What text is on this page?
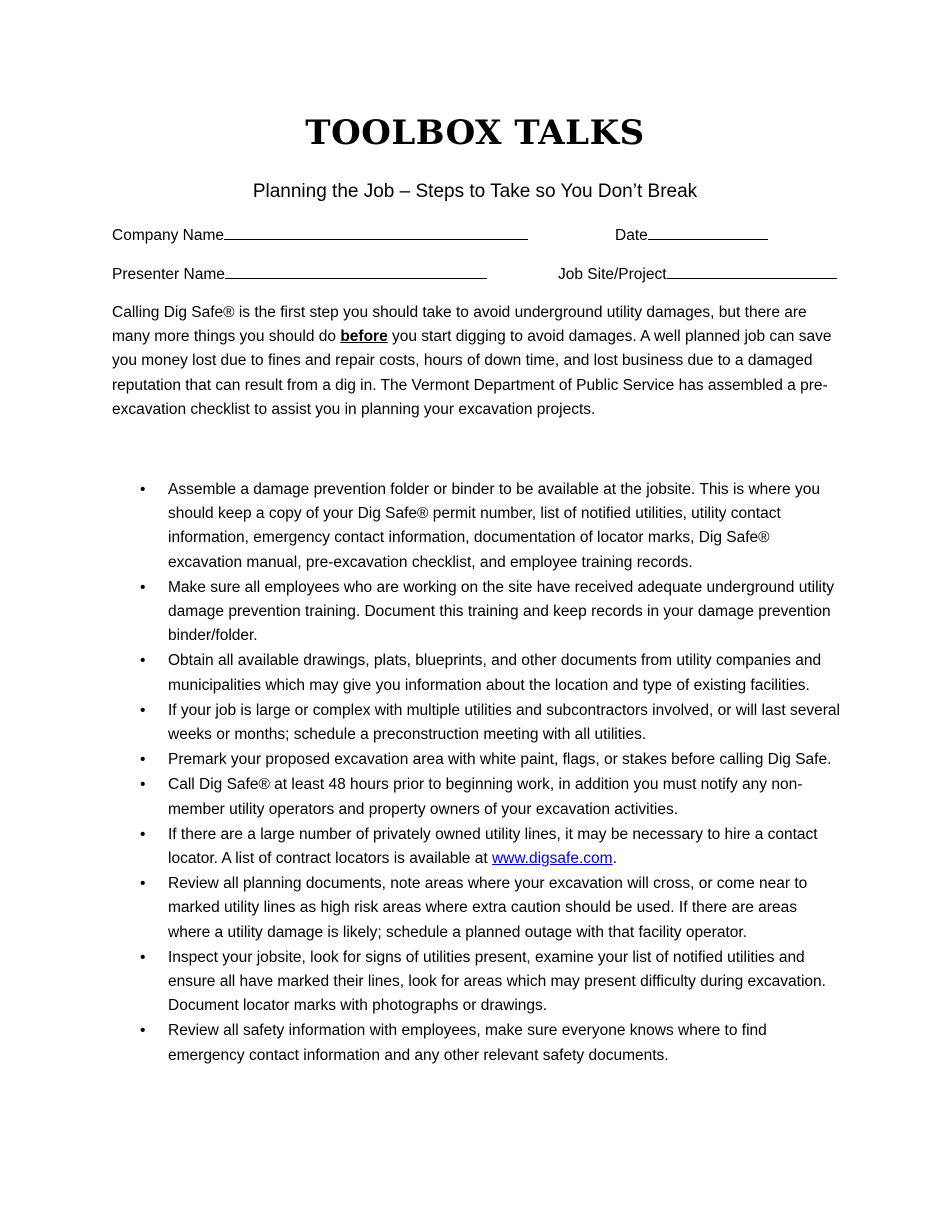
TOOLBOX TALKS
Planning the Job – Steps to Take so You Don’t Break
Company Name	Date
Presenter Name	Job Site/Project

Calling Dig Safe® is the first step you should take to avoid underground utility damages, but there are many more things you should do before you start digging to avoid damages. A well planned job can save you money lost due to fines and repair costs, hours of down time, and lost business due to a damaged reputation that can result from a dig in. The Vermont Department of Public Service has assembled a pre-excavation checklist to assist you in planning your excavation projects.

• Assemble a damage prevention folder or binder to be available at the jobsite. This is where you should keep a copy of your Dig Safe® permit number, list of notified utilities, utility contact information, emergency contact information, documentation of locator marks, Dig Safe® excavation manual, pre-excavation checklist, and employee training records.
• Make sure all employees who are working on the site have received adequate underground utility damage prevention training. Document this training and keep records in your damage prevention binder/folder.
• Obtain all available drawings, plats, blueprints, and other documents from utility companies and municipalities which may give you information about the location and type of existing facilities.
• If your job is large or complex with multiple utilities and subcontractors involved, or will last several weeks or months; schedule a preconstruction meeting with all utilities.
• Premark your proposed excavation area with white paint, flags, or stakes before calling Dig Safe.
• Call Dig Safe® at least 48 hours prior to beginning work, in addition you must notify any non-member utility operators and property owners of your excavation activities.
• If there are a large number of privately owned utility lines, it may be necessary to hire a contact locator. A list of contract locators is available at www.digsafe.com.
• Review all planning documents, note areas where your excavation will cross, or come near to marked utility lines as high risk areas where extra caution should be used. If there are areas where a utility damage is likely; schedule a planned outage with that facility operator.
• Inspect your jobsite, look for signs of utilities present, examine your list of notified utilities and ensure all have marked their lines, look for areas which may present difficulty during excavation. Document locator marks with photographs or drawings.
• Review all safety information with employees, make sure everyone knows where to find emergency contact information and any other relevant safety documents.
